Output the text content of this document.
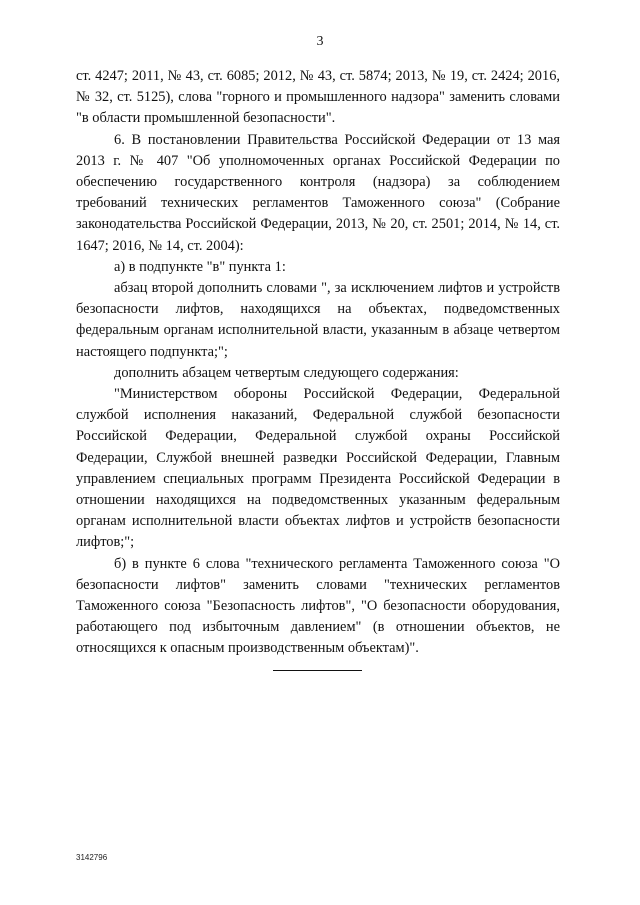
3

ст. 4247; 2011, № 43, ст. 6085; 2012, № 43, ст. 5874; 2013, № 19, ст. 2424; 2016, № 32, ст. 5125), слова "горного и промышленного надзора" заменить словами "в области промышленной безопасности".

6. В постановлении Правительства Российской Федерации от 13 мая 2013 г. № 407 "Об уполномоченных органах Российской Федерации по обеспечению государственного контроля (надзора) за соблюдением требований технических регламентов Таможенного союза" (Собрание законодательства Российской Федерации, 2013, № 20, ст. 2501; 2014, № 14, ст. 1647; 2016, № 14, ст. 2004):

а) в подпункте "в" пункта 1:

абзац второй дополнить словами ", за исключением лифтов и устройств безопасности лифтов, находящихся на объектах, подведомственных федеральным органам исполнительной власти, указанным в абзаце четвертом настоящего подпункта;";

дополнить абзацем четвертым следующего содержания:

"Министерством обороны Российской Федерации, Федеральной службой исполнения наказаний, Федеральной службой безопасности Российской Федерации, Федеральной службой охраны Российской Федерации, Службой внешней разведки Российской Федерации, Главным управлением специальных программ Президента Российской Федерации в отношении находящихся на подведомственных указанным федеральным органам исполнительной власти объектах лифтов и устройств безопасности лифтов;";

б) в пункте 6 слова "технического регламента Таможенного союза "О безопасности лифтов" заменить словами "технических регламентов Таможенного союза "Безопасность лифтов", "О безопасности оборудования, работающего под избыточным давлением" (в отношении объектов, не относящихся к опасным производственным объектам)".

3142796
